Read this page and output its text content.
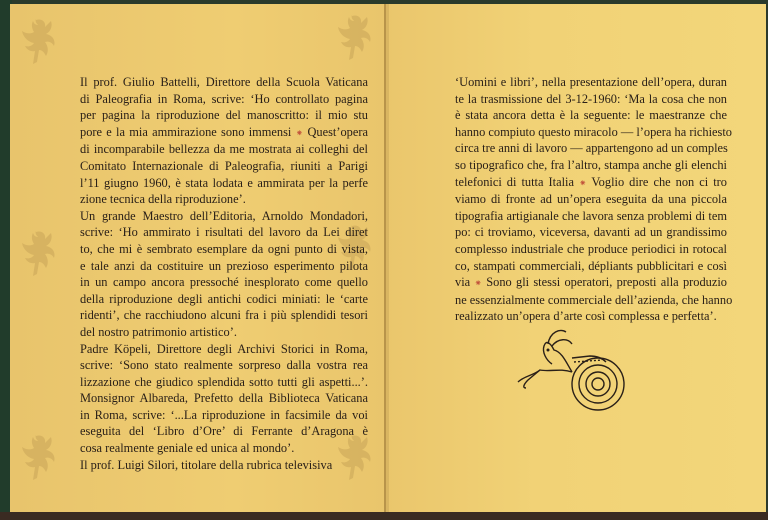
Il prof. Giulio Battelli, Direttore della Scuola Vaticana
di Paleografia in Roma, scrive: ‘Ho controllato pagina
per pagina la riproduzione del manoscritto: il mio stu
pore e la mia ammirazione sono immensi ⁕ Quest’opera
di incomparabile bellezza da me mostrata ai colleghi del
Comitato Internazionale di Paleografia, riuniti a Parigi
l’11 giugno 1960, è stata lodata e ammirata per la perfe
zione tecnica della riproduzione’.
Un grande Maestro dell’Editoria, Arnoldo Mondadori,
scrive: ‘Ho ammirato i risultati del lavoro da Lei diret
to, che mi è sembrato esemplare da ogni punto di vista,
e tale anzi da costituire un prezioso esperimento pilota
in un campo ancora pressoché inesplorato come quello
della riproduzione degli antichi codici miniati: le ‘carte
ridenti’, che racchiudono alcuni fra i più splendidi tesori
del nostro patrimonio artistico’.
Padre Köpeli, Direttore degli Archivi Storici in Roma,
scrive: ‘Sono stato realmente sorpreso dalla vostra rea
lizzazione che giudico splendida sotto tutti gli aspetti...’.
Monsignor Albareda, Prefetto della Biblioteca Vaticana
in Roma, scrive: ‘...La riproduzione in facsimile da voi
eseguita del ‘Libro d’Ore’ di Ferrante d’Aragona è
cosa realmente geniale ed unica al mondo’.
Il prof. Luigi Silori, titolare della rubrica televisiva
‘Uomini e libri’, nella presentazione dell’opera, duran
te la trasmissione del 3-12-1960: ‘Ma la cosa che non
è stata ancora detta è la seguente: le maestranze che
hanno compiuto questo miracolo — l’opera ha richiesto
circa tre anni di lavoro — appartengono ad un comples
so tipografico che, fra l’altro, stampa anche gli elenchi
telefonici di tutta Italia ⁕ Voglio dire che non ci tro
viamo di fronte ad un’opera eseguita da una piccola
tipografia artigianale che lavora senza problemi di tem
po: ci troviamo, viceversa, davanti ad un grandissimo
complesso industriale che produce periodici in rotocal
co, stampati commerciali, dépliants pubblicitari e così
via ⁕ Sono gli stessi operatori, preposti alla produzio
ne essenzialmente commerciale dell’azienda, che hanno
realizzato un’opera d’arte così complessa e perfetta’.
